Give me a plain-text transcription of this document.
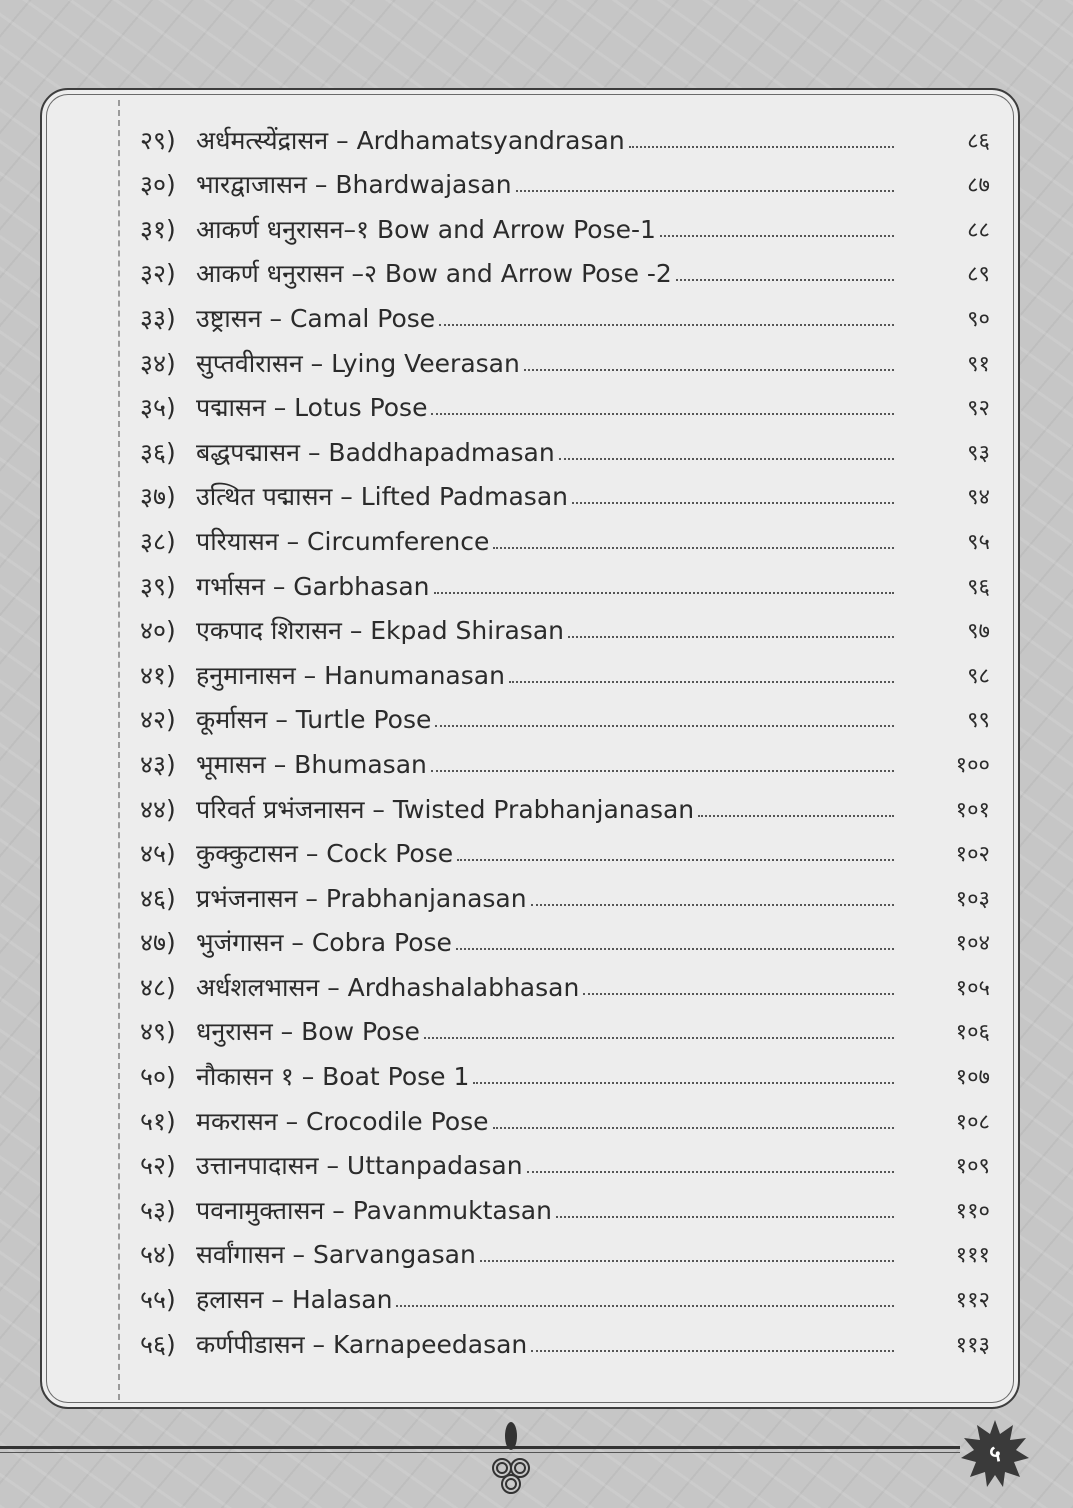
२९) अर्धमत्स्येंद्रासन – Ardhamatsyandrasan	८६
३०) भारद्वाजासन – Bhardwajasan	८७
३१) आकर्ण धनुरासन–१ Bow and Arrow Pose-1	८८
३२) आकर्ण धनुरासन –२ Bow and Arrow Pose -2	८९
३३) उष्ट्रासन – Camal Pose	९०
३४) सुप्तवीरासन – Lying Veerasan	९१
३५) पद्मासन – Lotus Pose	९२
३६) बद्धपद्मासन – Baddhapadmasan	९३
३७) उत्थित पद्मासन – Lifted Padmasan	९४
३८) परियासन – Circumference	९५
३९) गर्भासन – Garbhasan	९६
४०) एकपाद शिरासन – Ekpad Shirasan	९७
४१) हनुमानासन – Hanumanasan	९८
४२) कूर्मासन – Turtle Pose	९९
४३) भूमासन – Bhumasan	१००
४४) परिवर्त प्रभंजनासन – Twisted Prabhanjanasan	१०१
४५) कुक्कुटासन – Cock Pose	१०२
४६) प्रभंजनासन – Prabhanjanasan	१०३
४७) भुजंगासन – Cobra Pose	१०४
४८) अर्धशलभासन – Ardhashalabhasan	१०५
४९) धनुरासन – Bow Pose	१०६
५०) नौकासन १ – Boat Pose 1	१०७
५१) मकरासन – Crocodile Pose	१०८
५२) उत्तानपादासन – Uttanpadasan	१०९
५३) पवनामुक्तासन – Pavanmuktasan	११०
५४) सर्वांगासन – Sarvangasan	१११
५५) हलासन – Halasan	११२
५६) कर्णपीडासन – Karnapeedasan	११३
५
